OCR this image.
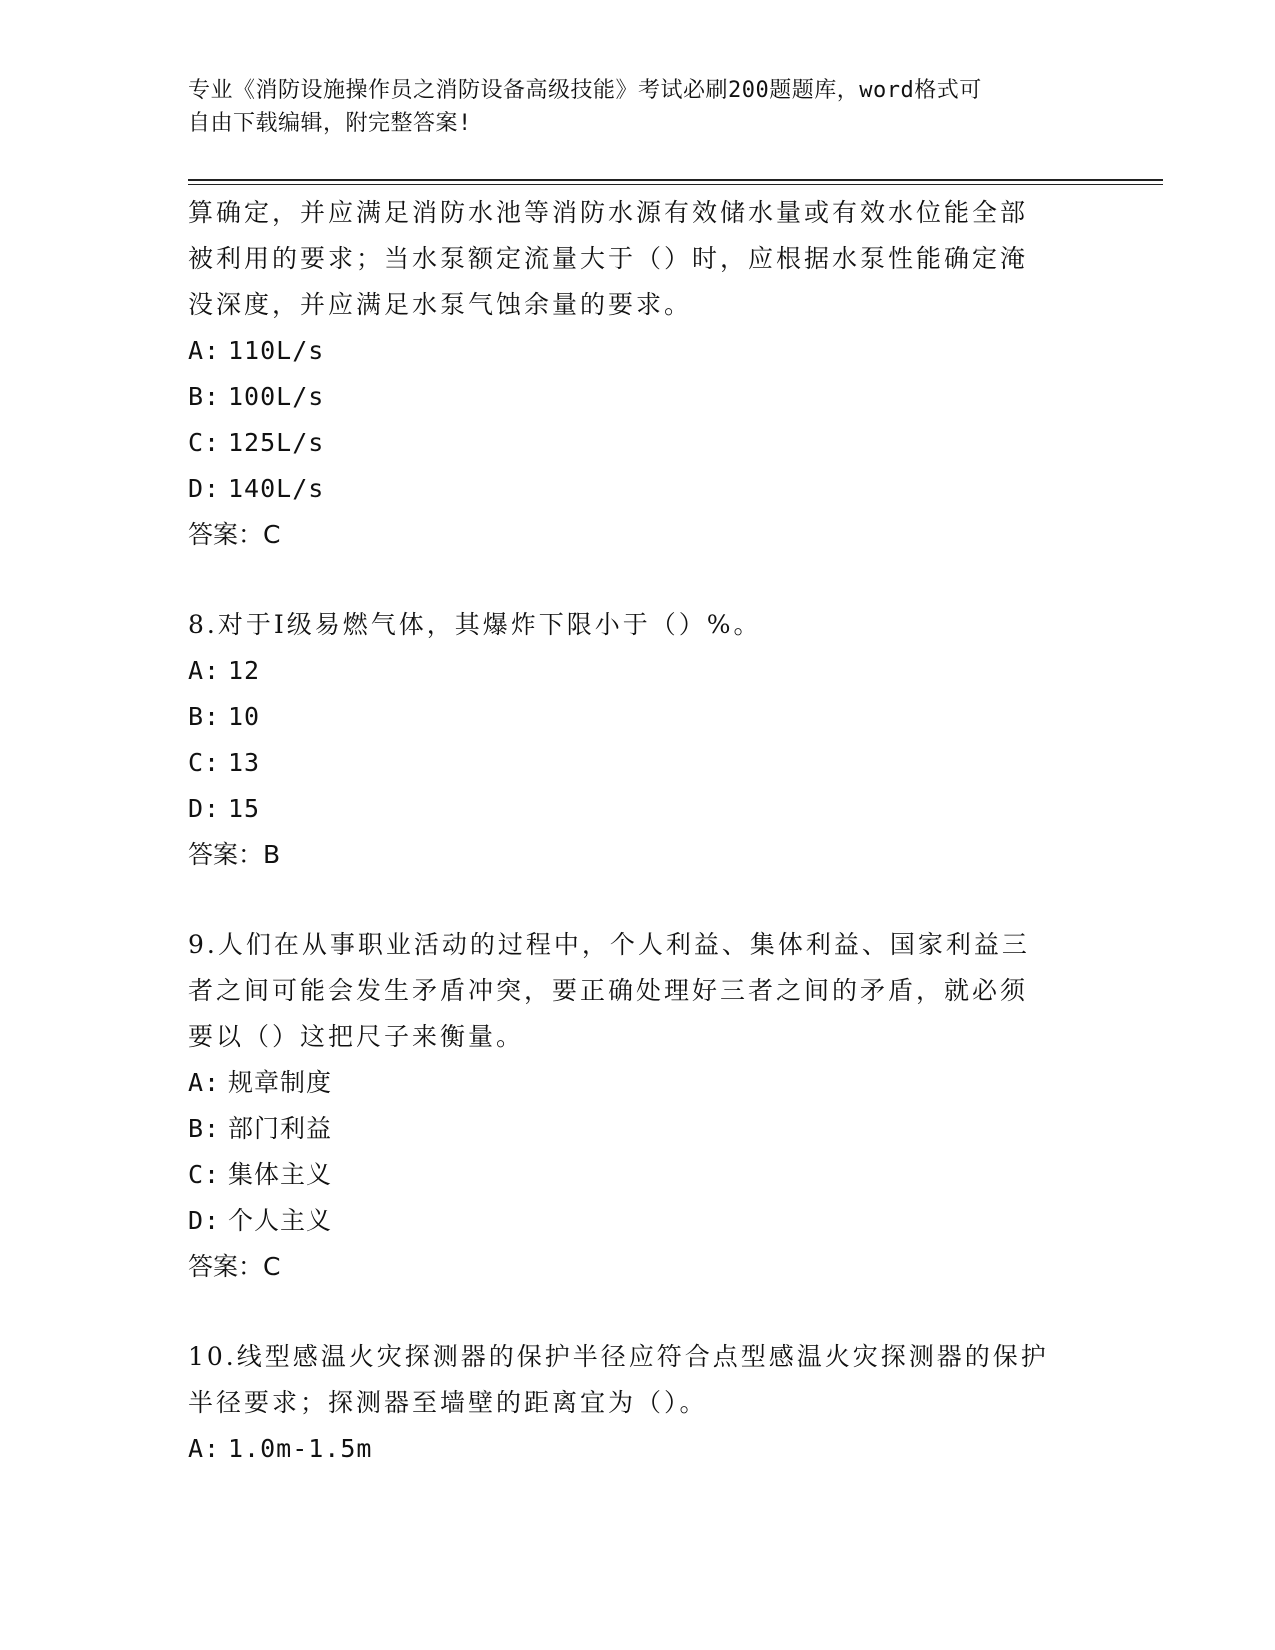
专业《消防设施操作员之消防设备高级技能》考试必刷200题题库，word格式可
自由下载编辑，附完整答案!

算确定，并应满足消防水池等消防水源有效储水量或有效水位能全部

被利用的要求；当水泵额定流量大于（）时，应根据水泵性能确定淹

没深度，并应满足水泵气蚀余量的要求。

A: 110L/s

B: 100L/s

C: 125L/s

D: 140L/s

答案：C

8.对于Ⅰ级易燃气体，其爆炸下限小于（）%。

A: 12

B: 10

C: 13

D: 15

答案：B

9.人们在从事职业活动的过程中，个人利益、集体利益、国家利益三

者之间可能会发生矛盾冲突，要正确处理好三者之间的矛盾，就必须

要以（）这把尺子来衡量。

A: 规章制度

B: 部门利益

C: 集体主义

D: 个人主义

答案：C

10.线型感温火灾探测器的保护半径应符合点型感温火灾探测器的保护

半径要求；探测器至墙壁的距离宜为（）。

A: 1.0m-1.5m
